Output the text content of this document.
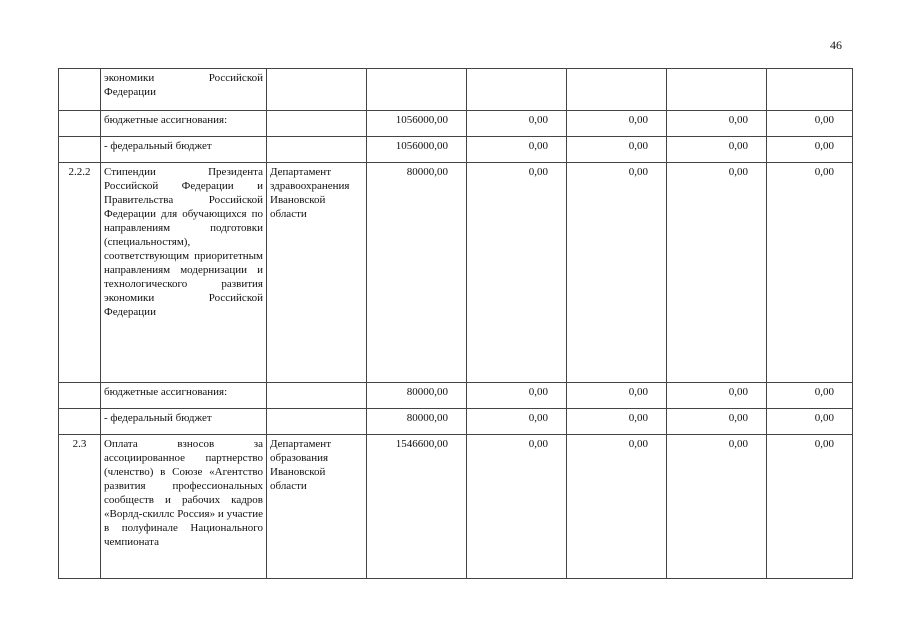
46
	экономики Российской Федерации						
	бюджетные ассигнования:		1056000,00	0,00	0,00	0,00	0,00
	- федеральный бюджет		1056000,00	0,00	0,00	0,00	0,00
2.2.2	Стипендии Президента Российской Федерации и Правительства Российской Федерации для обучающихся по направлениям подготовки (специальностям), соответствующим приоритетным направлениям модернизации и технологического развития экономики Российской Федерации	Департамент здравоохранения Ивановской области	80000,00	0,00	0,00	0,00	0,00
	бюджетные ассигнования:		80000,00	0,00	0,00	0,00	0,00
	- федеральный бюджет		80000,00	0,00	0,00	0,00	0,00
2.3	Оплата взносов за ассоциированное партнерство (членство) в Союзе «Агентство развития профессиональных сообществ и рабочих кадров «Ворлд-скиллс Россия» и участие в полуфинале Национального чемпионата	Департамент образования Ивановской области	1546600,00	0,00	0,00	0,00	0,00
